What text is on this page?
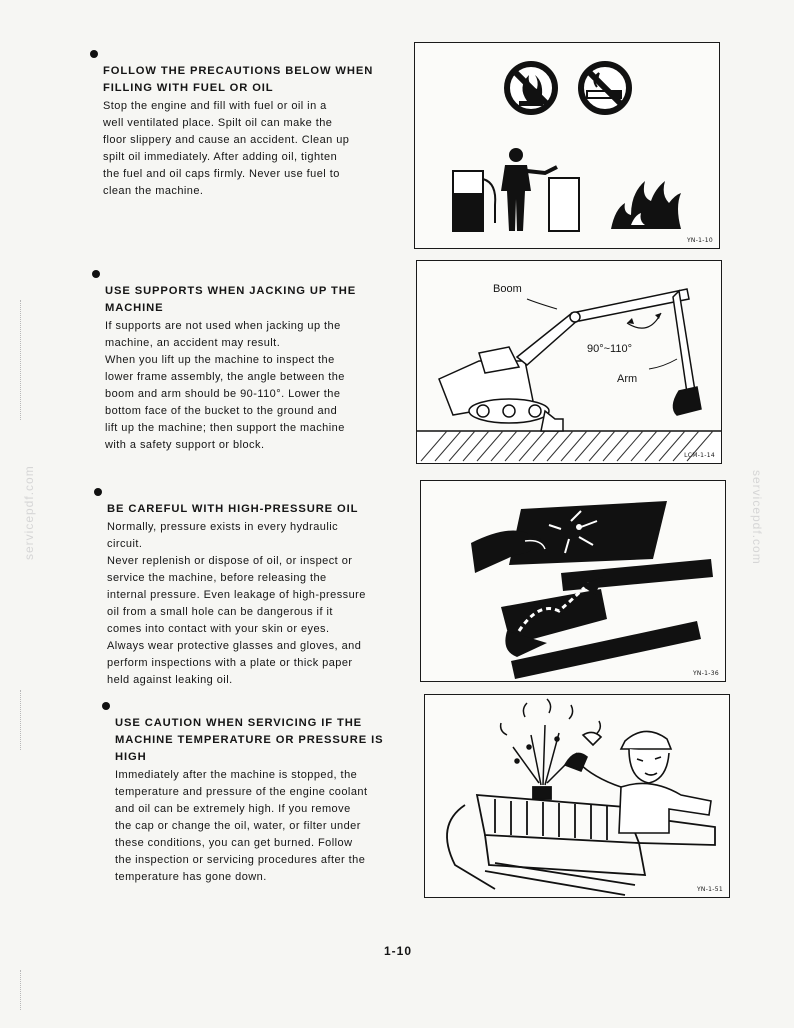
servicepdf.com	servicepdf.com

FOLLOW THE PRECAUTIONS BELOW WHEN
FILLING WITH FUEL OR OIL

Stop the engine and fill with fuel or oil in a
well ventilated place. Spilt oil can make the
floor slippery and cause an accident. Clean up
spilt oil immediately. After adding oil, tighten
the fuel and oil caps firmly. Never use fuel to
clean the machine.

YN-1-10

USE SUPPORTS WHEN JACKING UP THE
MACHINE

If supports are not used when jacking up the
machine, an accident may result.
When you lift up the machine to inspect the
lower frame assembly, the angle between the
boom and arm should be 90-110°. Lower the
bottom face of the bucket to the ground and
lift up the machine; then support the machine
with a safety support or block.

Boom
90°~110°
Arm
LCM-1-14

BE CAREFUL WITH HIGH-PRESSURE OIL

Normally, pressure exists in every hydraulic
circuit.
Never replenish or dispose of oil, or inspect or
service the machine, before releasing the
internal pressure. Even leakage of high-pressure
oil from a small hole can be dangerous if it
comes into contact with your skin or eyes.
Always wear protective glasses and gloves, and
perform inspections with a plate or thick paper
held against leaking oil.

YN-1-36

USE CAUTION WHEN SERVICING IF THE
MACHINE TEMPERATURE OR PRESSURE IS HIGH

Immediately after the machine is stopped, the
temperature and pressure of the engine coolant
and oil can be extremely high. If you remove
the cap or change the oil, water, or filter under
these conditions, you can get burned. Follow
the inspection or servicing procedures after the
temperature has gone down.

YN-1-51
1-10
